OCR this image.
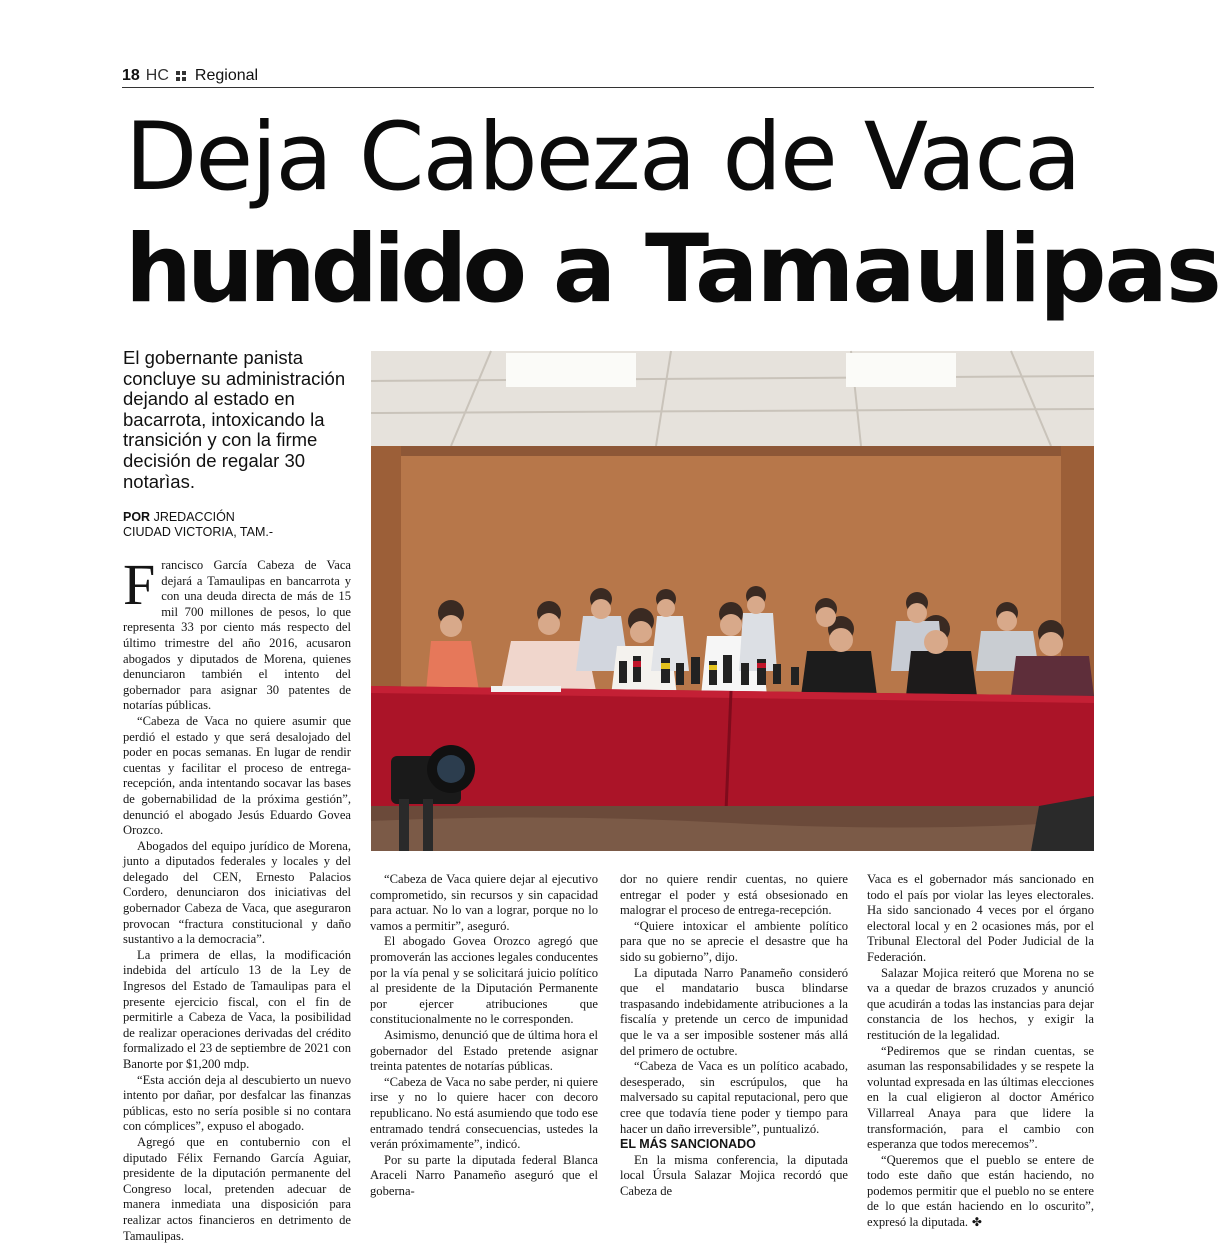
18 HC Regional
Deja Cabeza de Vaca
hundido a Tamaulipas
El gobernante panista concluye su administración dejando al estado en bacarrota, intoxicando la transición y con la firme decisión de regalar 30 notarìas.
POR JREDACCIÓN
CIUDAD VICTORIA, TAM.-

Francisco García Cabeza de Vaca dejará a Tamaulipas en bancarrota y con una deuda directa de más de 15 mil 700 millones de pesos, lo que representa 33 por ciento más respecto del último trimestre del año 2016, acusaron abogados y diputados de Morena, quienes denunciaron también el intento del gobernador para asignar 30 patentes de notarías públicas.

“Cabeza de Vaca no quiere asumir que perdió el estado y que será desalojado del poder en pocas semanas. En lugar de rendir cuentas y facilitar el proceso de entrega-recepción, anda intentando socavar las bases de gobernabilidad de la próxima gestión”, denunció el abogado Jesús Eduardo Govea Orozco.

Abogados del equipo jurídico de Morena, junto a diputados federales y locales y del delegado del CEN, Ernesto Palacios Cordero, denunciaron dos iniciativas del gobernador Cabeza de Vaca, que aseguraron provocan “fractura constitucional y daño sustantivo a la democracia”.

La primera de ellas, la modificación indebida del artículo 13 de la Ley de Ingresos del Estado de Tamaulipas para el presente ejercicio fiscal, con el fin de permitirle a Cabeza de Vaca, la posibilidad de realizar operaciones derivadas del crédito formalizado el 23 de septiembre de 2021 con Banorte por $1,200 mdp.

“Esta acción deja al descubierto un nuevo intento por dañar, por desfalcar las finanzas públicas, esto no sería posible si no contara con cómplices”, expuso el abogado.

Agregó que en contubernio con el diputado Félix Fernando García Aguiar, presidente de la diputación permanente del Congreso local, pretenden adecuar de manera inmediata una disposición para realizar actos financieros en detrimento de Tamaulipas.

“Cabeza de Vaca quiere dejar al ejecutivo comprometido, sin recursos y sin capacidad para actuar. No lo van a lograr, porque no lo vamos a permitir”, aseguró.

El abogado Govea Orozco agregó que promoverán las acciones legales conducentes por la vía penal y se solicitará juicio político al presidente de la Diputación Permanente por ejercer atribuciones que constitucionalmente no le corresponden.

Asimismo, denunció que de última hora el gobernador del Estado pretende asignar treinta patentes de notarías públicas.

“Cabeza de Vaca no sabe perder, ni quiere irse y no lo quiere hacer con decoro republicano. No está asumiendo que todo ese entramado tendrá consecuencias, ustedes la verán próximamente”, indicó.

Por su parte la diputada federal Blanca Araceli Narro Panameño aseguró que el goberna-

dor no quiere rendir cuentas, no quiere entregar el poder y está obsesionado en malograr el proceso de entrega-recepción.

“Quiere intoxicar el ambiente político para que no se aprecie el desastre que ha sido su gobierno”, dijo.

La diputada Narro Panameño consideró que el mandatario busca blindarse traspasando indebidamente atribuciones a la fiscalía y pretende un cerco de impunidad que le va a ser imposible sostener más allá del primero de octubre.

“Cabeza de Vaca es un político acabado, desesperado, sin escrúpulos, que ha malversado su capital reputacional, pero que cree que todavía tiene poder y tiempo para hacer un daño irreversible”, puntualizó.

EL MÁS SANCIONADO

En la misma conferencia, la diputada local Úrsula Salazar Mojica recordó que Cabeza de

Vaca es el gobernador más sancionado en todo el país por violar las leyes electorales. Ha sido sancionado 4 veces por el órgano electoral local y en 2 ocasiones más, por el Tribunal Electoral del Poder Judicial de la Federación.

Salazar Mojica reiteró que Morena no se va a quedar de brazos cruzados y anunció que acudirán a todas las instancias para dejar constancia de los hechos, y exigir la restitución de la legalidad.

“Pediremos que se rindan cuentas, se asuman las responsabilidades y se respete la voluntad expresada en las últimas elecciones en la cual eligieron al doctor Américo Villarreal Anaya para que lidere la transformación, para el cambio con esperanza que todos merecemos”.

“Queremos que el pueblo se entere de todo este daño que están haciendo, no podemos permitir que el pueblo no se entere de lo que están haciendo en lo oscurito”, expresó la diputada. ✤
